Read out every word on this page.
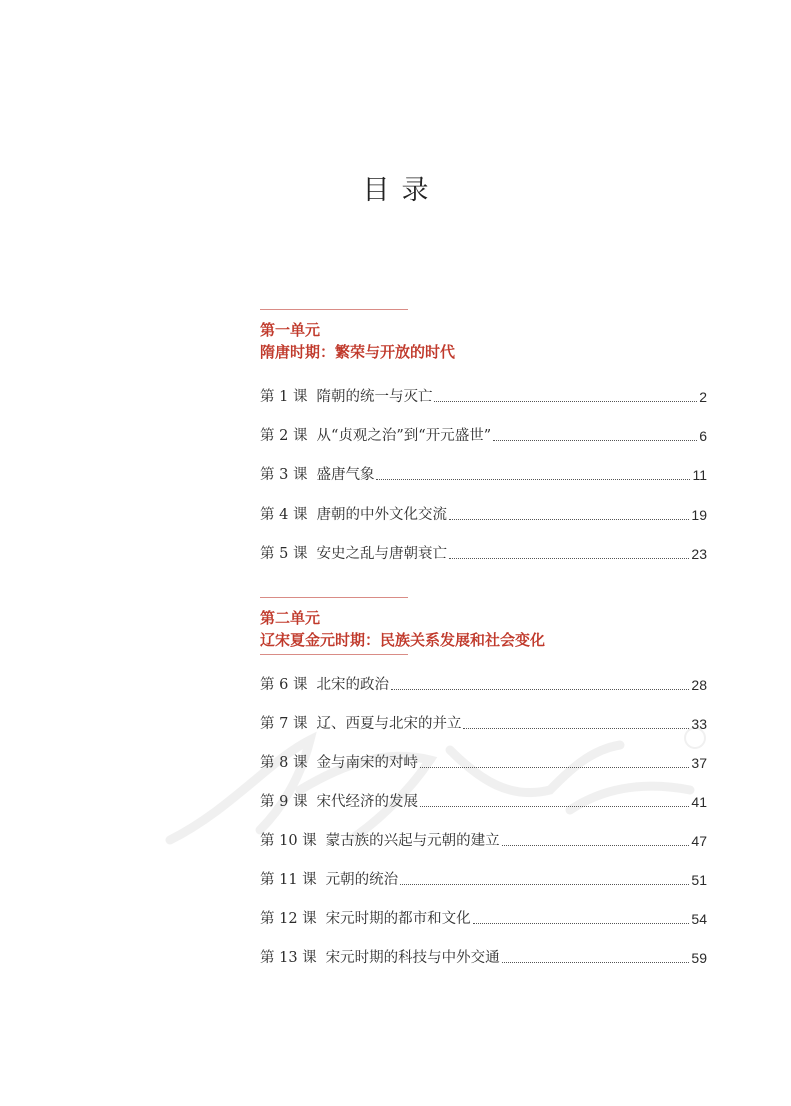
目录
第一单元
隋唐时期：繁荣与开放的时代
第 1 课 隋朝的统一与灭亡	2
第 2 课 从“贞观之治”到“开元盛世”	6
第 3 课 盛唐气象	11
第 4 课 唐朝的中外文化交流	19
第 5 课 安史之乱与唐朝衰亡	23
第二单元
辽宋夏金元时期：民族关系发展和社会变化
第 6 课 北宋的政治	28
第 7 课 辽、西夏与北宋的并立	33
第 8 课 金与南宋的对峙	37
第 9 课 宋代经济的发展	41
第 10 课 蒙古族的兴起与元朝的建立	47
第 11 课 元朝的统治	51
第 12 课 宋元时期的都市和文化	54
第 13 课 宋元时期的科技与中外交通	59
